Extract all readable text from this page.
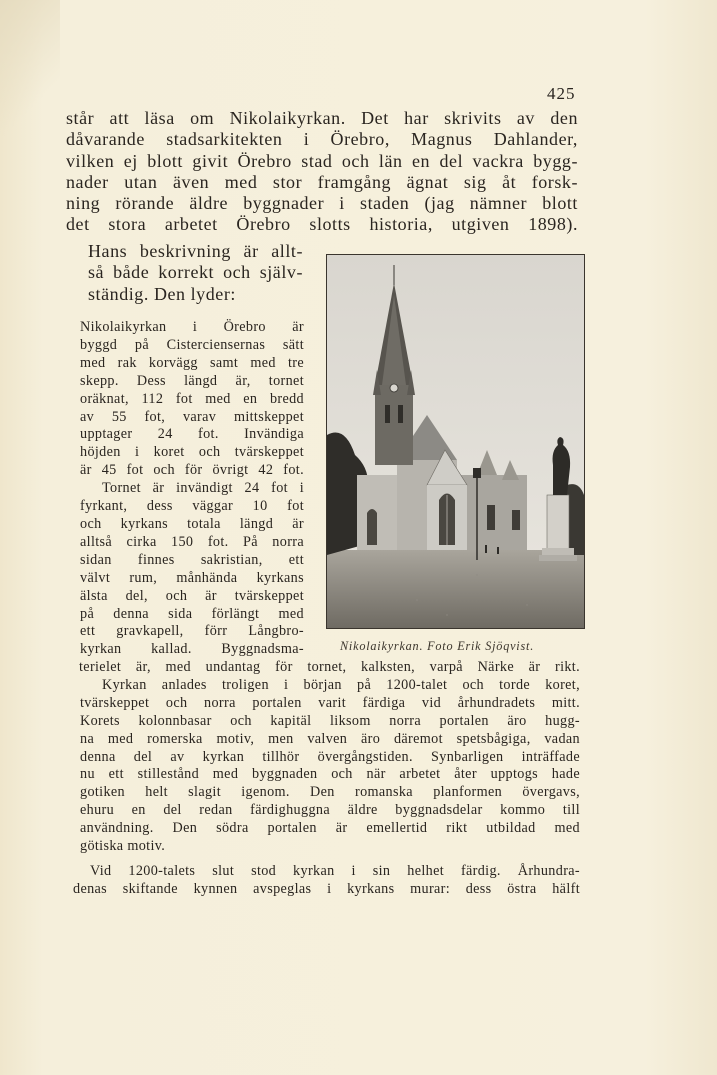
425
står att läsa om Nikolaikyrkan. Det har skrivits av den
dåvarande stadsarkitekten i Örebro, Magnus Dahlander,
vilken ej blott givit Örebro stad och län en del vackra bygg-
nader utan även med stor framgång ägnat sig åt forsk-
ning rörande äldre byggnader i staden (jag nämner blott
det stora arbetet Örebro slotts historia, utgiven 1898).
Hans beskrivning är allt-
så både korrekt och själv-
ständig. Den lyder:
Nikolaikyrkan i Örebro är
byggd på Cisterciensernas sätt
med rak korvägg samt med tre
skepp. Dess längd är, tornet
oräknat, 112 fot med en bredd
av 55 fot, varav mittskeppet
upptager 24 fot. Invändiga
höjden i koret och tvärskeppet
är 45 fot och för övrigt 42 fot.
Tornet är invändigt 24 fot i
fyrkant, dess väggar 10 fot
och kyrkans totala längd är
alltså cirka 150 fot. På norra
sidan finnes sakristian, ett
välvt rum, månhända kyrkans
älsta del, och är tvärskeppet
på denna sida förlängt med
ett gravkapell, förr Långbro-
kyrkan kallad. Byggnadsma-	Nikolaikyrkan. Foto Erik Sjöqvist.
terielet är, med undantag för tornet, kalksten, varpå Närke är rikt.
Kyrkan anlades troligen i början på 1200-talet och torde koret,
tvärskeppet och norra portalen varit färdiga vid århundradets mitt.
Korets kolonnbasar och kapitäl liksom norra portalen äro hugg-
na med romerska motiv, men valven äro däremot spetsbågiga, vadan
denna del av kyrkan tillhör övergångstiden. Synbarligen inträffade
nu ett stillestånd med byggnaden och när arbetet åter upptogs hade
gotiken helt slagit igenom. Den romanska planformen övergavs,
ehuru en del redan färdighuggna äldre byggnadsdelar kommo till
användning. Den södra portalen är emellertid rikt utbildad med
götiska motiv.
Vid 1200-talets slut stod kyrkan i sin helhet färdig. Århundra-
denas skiftande kynnen avspeglas i kyrkans murar: dess östra hälft
